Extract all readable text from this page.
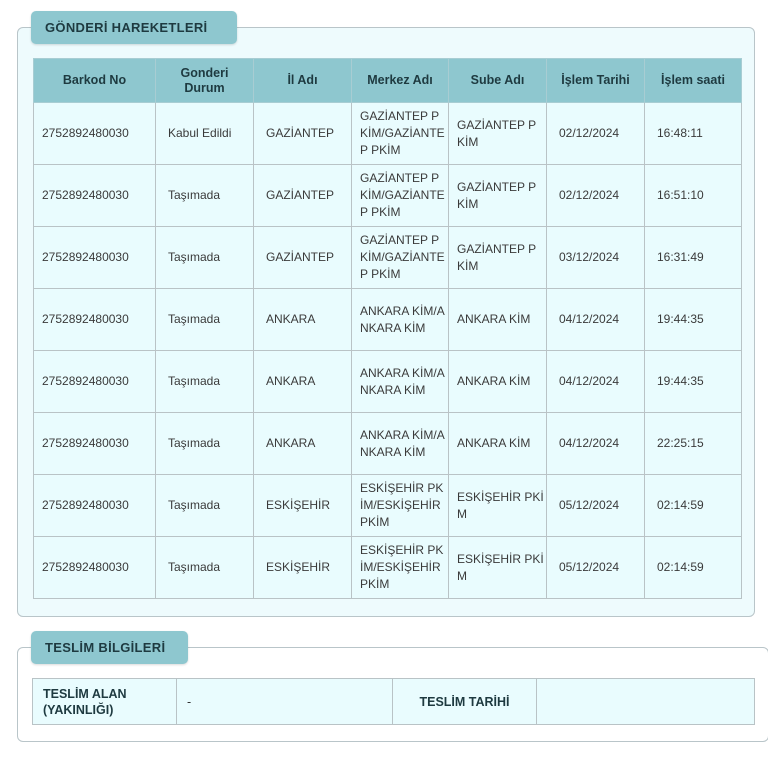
GÖNDERİ HAREKETLERİ
Barkod No	Gonderi Durum	İl Adı	Merkez Adı	Sube Adı	İşlem Tarihi	İşlem saati
2752892480030	Kabul Edildi	GAZİANTEP	GAZİANTEP PKİM/GAZİANTEP PKİM	GAZİANTEP PKİM	02/12/2024	16:48:11
2752892480030	Taşımada	GAZİANTEP	GAZİANTEP PKİM/GAZİANTEP PKİM	GAZİANTEP PKİM	02/12/2024	16:51:10
2752892480030	Taşımada	GAZİANTEP	GAZİANTEP PKİM/GAZİANTEP PKİM	GAZİANTEP PKİM	03/12/2024	16:31:49
2752892480030	Taşımada	ANKARA	ANKARA KİM/ANKARA KİM	ANKARA KİM	04/12/2024	19:44:35
2752892480030	Taşımada	ANKARA	ANKARA KİM/ANKARA KİM	ANKARA KİM	04/12/2024	19:44:35
2752892480030	Taşımada	ANKARA	ANKARA KİM/ANKARA KİM	ANKARA KİM	04/12/2024	22:25:15
2752892480030	Taşımada	ESKİŞEHİR	ESKİŞEHİR PKİM/ESKİŞEHİR PKİM	ESKİŞEHİR PKİM	05/12/2024	02:14:59
2752892480030	Taşımada	ESKİŞEHİR	ESKİŞEHİR PKİM/ESKİŞEHİR PKİM	ESKİŞEHİR PKİM	05/12/2024	02:14:59
TESLİM BİLGİLERİ
TESLİM ALAN (YAKINLIĞI)	-	TESLİM TARİHİ	
